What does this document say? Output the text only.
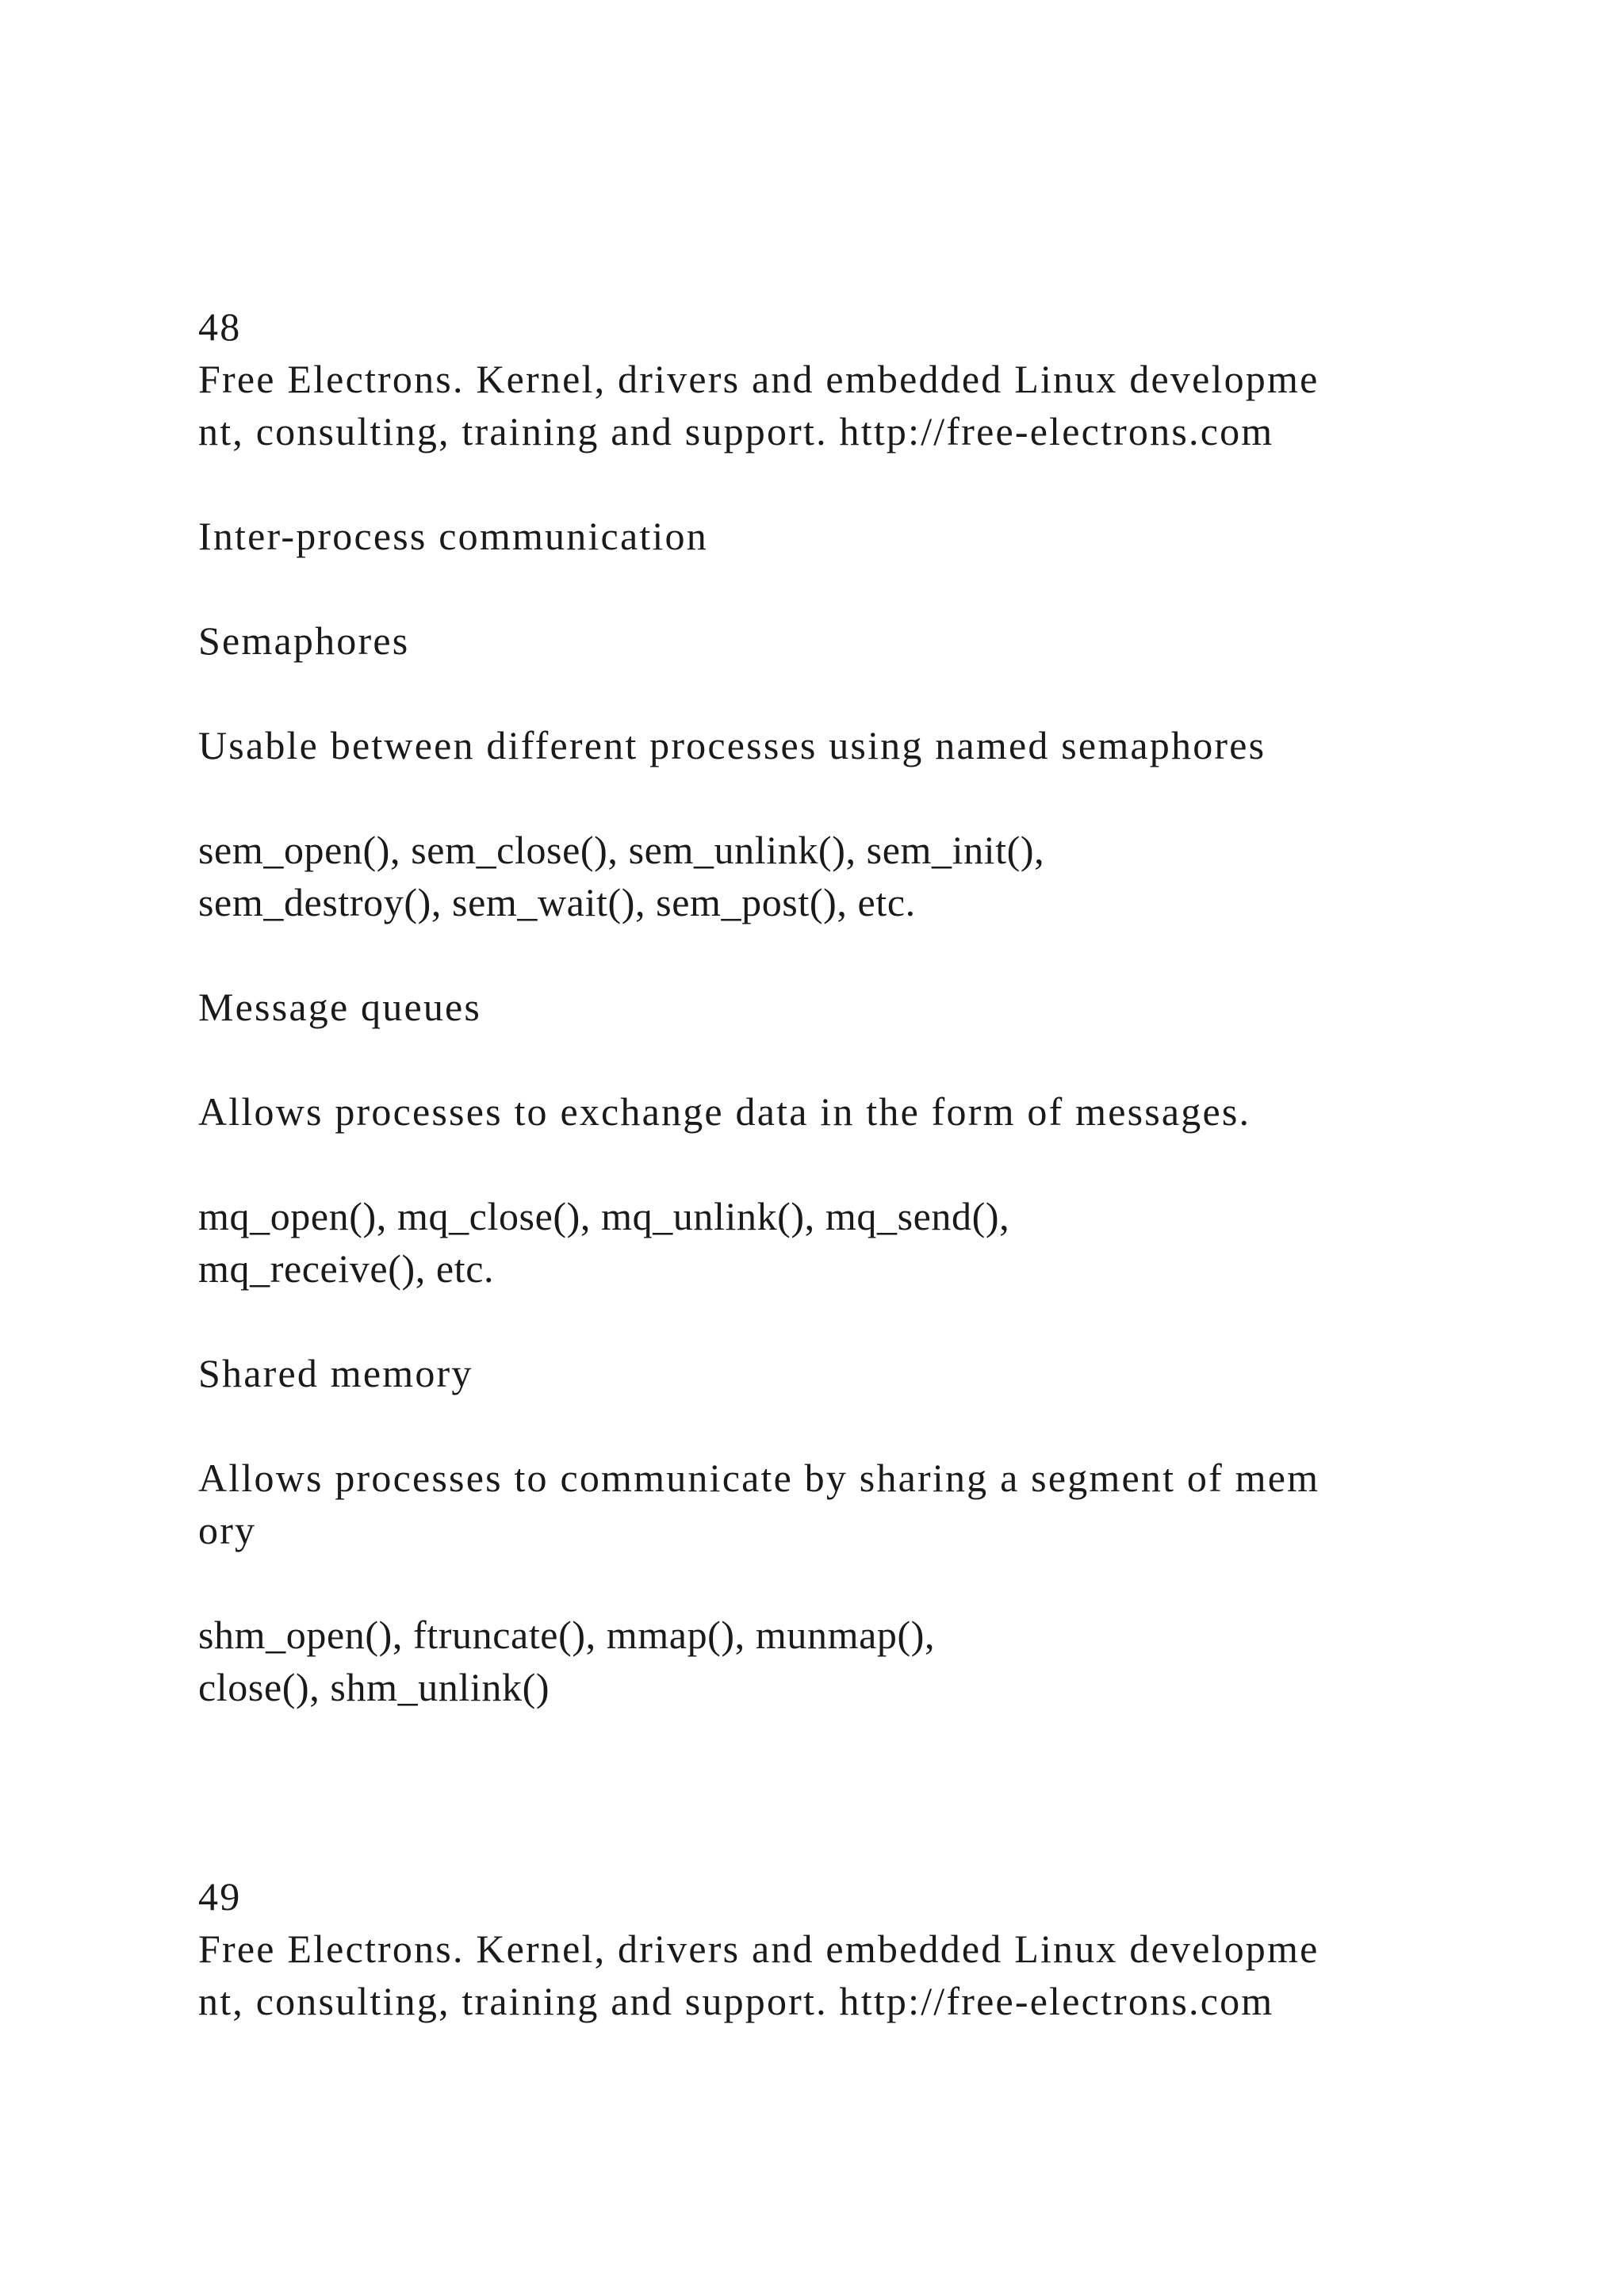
48
Free Electrons. Kernel, drivers and embedded Linux developme
nt, consulting, training and support. http://free-electrons.com
Inter-process communication
Semaphores
Usable between different processes using named semaphores
sem_open(), sem_close(), sem_unlink(), sem_init(),
sem_destroy(), sem_wait(), sem_post(), etc.
Message queues
Allows processes to exchange data in the form of messages.
mq_open(), mq_close(), mq_unlink(), mq_send(),
mq_receive(), etc.
Shared memory
Allows processes to communicate by sharing a segment of mem
ory
shm_open(), ftruncate(), mmap(), munmap(),
close(), shm_unlink()
49
Free Electrons. Kernel, drivers and embedded Linux developme
nt, consulting, training and support. http://free-electrons.com
